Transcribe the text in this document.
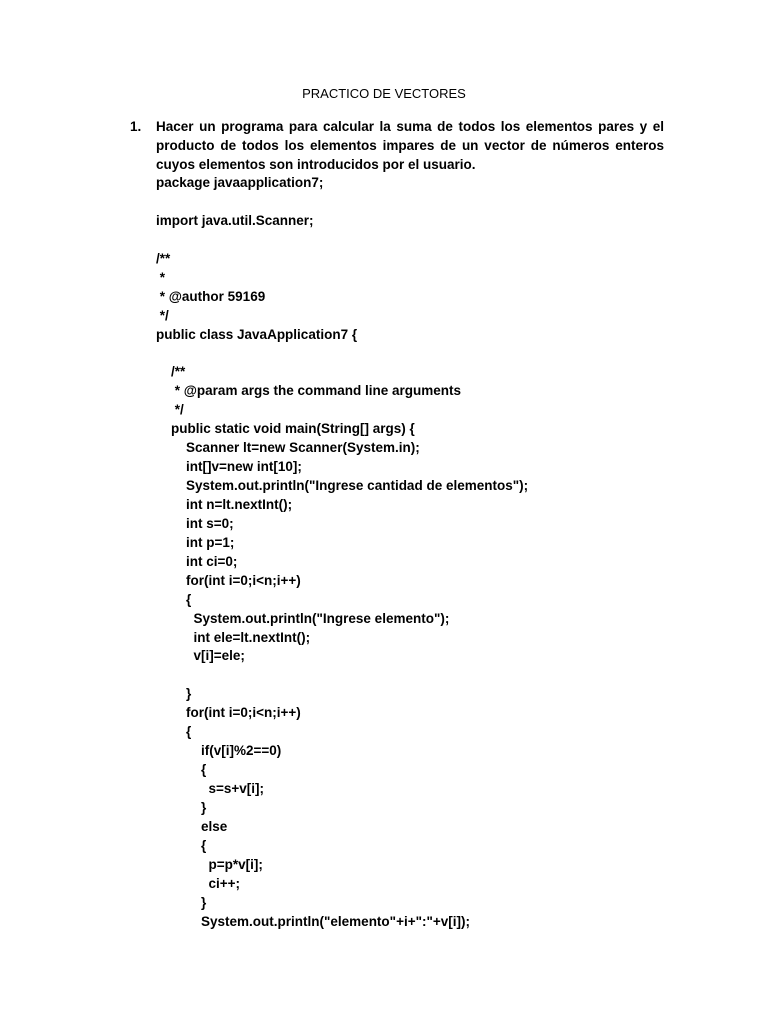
PRACTICO DE VECTORES
1. Hacer un programa para calcular la suma de todos los elementos pares y el producto de todos los elementos impares de un vector de números enteros cuyos elementos son introducidos por el usuario.

package javaapplication7;
import java.util.Scanner;
/**
*
* @author 59169
*/
public class JavaApplication7 {
/**
* @param args the command line arguments
*/
public static void main(String[] args) {
Scanner lt=new Scanner(System.in);
int[]v=new int[10];
System.out.println("Ingrese cantidad de elementos");
int n=lt.nextInt();
int s=0;
int p=1;
int ci=0;
for(int i=0;i<n;i++)
{
System.out.println("Ingrese elemento");
int ele=lt.nextInt();
v[i]=ele;
}
for(int i=0;i<n;i++)
{
if(v[i]%2==0)
{
s=s+v[i];
}
else
{
p=p*v[i];
ci++;
}
System.out.println("elemento"+i+":"+v[i]);
